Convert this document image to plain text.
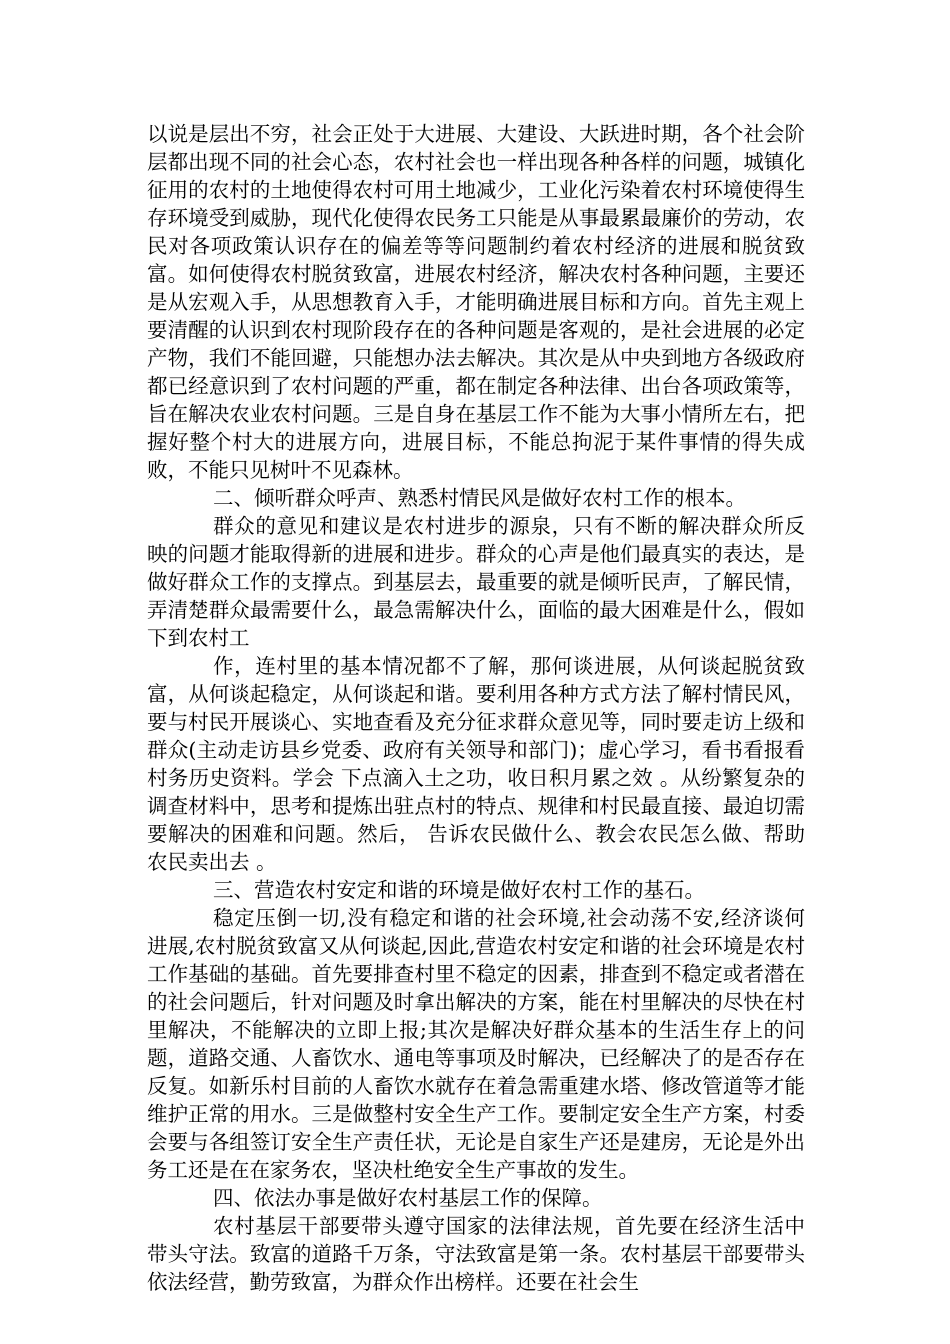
以说是层出不穷，社会正处于大进展、大建设、大跃进时期，各个社会阶层都出现不同的社会心态，农村社会也一样出现各种各样的问题，城镇化征用的农村的土地使得农村可用土地减少，工业化污染着农村环境使得生存环境受到威胁，现代化使得农民务工只能是从事最累最廉价的劳动，农民对各项政策认识存在的偏差等等问题制约着农村经济的进展和脱贫致富。如何使得农村脱贫致富，进展农村经济，解决农村各种问题，主要还是从宏观入手，从思想教育入手，才能明确进展目标和方向。首先主观上要清醒的认识到农村现阶段存在的各种问题是客观的，是社会进展的必定产物，我们不能回避，只能想办法去解决。其次是从中央到地方各级政府都已经意识到了农村问题的严重，都在制定各种法律、出台各项政策等，旨在解决农业农村问题。三是自身在基层工作不能为大事小情所左右，把握好整个村大的进展方向，进展目标，不能总拘泥于某件事情的得失成败，不能只见树叶不见森林。

二、倾听群众呼声、熟悉村情民风是做好农村工作的根本。

群众的意见和建议是农村进步的源泉，只有不断的解决群众所反映的问题才能取得新的进展和进步。群众的心声是他们最真实的表达，是做好群众工作的支撑点。到基层去，最重要的就是倾听民声，了解民情，弄清楚群众最需要什么，最急需解决什么，面临的最大困难是什么，假如下到农村工

作，连村里的基本情况都不了解，那何谈进展，从何谈起脱贫致富，从何谈起稳定，从何谈起和谐。要利用各种方式方法了解村情民风，要与村民开展谈心、实地查看及充分征求群众意见等，同时要走访上级和群众(主动走访县乡党委、政府有关领导和部门)；虚心学习，看书看报看村务历史资料。学会 下点滴入土之功，收日积月累之效 。从纷繁复杂的调查材料中，思考和提炼出驻点村的特点、规律和村民最直接、最迫切需要解决的困难和问题。然后， 告诉农民做什么、教会农民怎么做、帮助农民卖出去 。

三、营造农村安定和谐的环境是做好农村工作的基石。

稳定压倒一切,没有稳定和谐的社会环境,社会动荡不安,经济谈何进展,农村脱贫致富又从何谈起,因此,营造农村安定和谐的社会环境是农村工作基础的基础。首先要排查村里不稳定的因素，排查到不稳定或者潜在的社会问题后，针对问题及时拿出解决的方案，能在村里解决的尽快在村里解决，不能解决的立即上报;其次是解决好群众基本的生活生存上的问题，道路交通、人畜饮水、通电等事项及时解决，已经解决了的是否存在反复。如新乐村目前的人畜饮水就存在着急需重建水塔、修改管道等才能维护正常的用水。三是做整村安全生产工作。要制定安全生产方案，村委会要与各组签订安全生产责任状，无论是自家生产还是建房，无论是外出务工还是在在家务农，坚决杜绝安全生产事故的发生。

四、依法办事是做好农村基层工作的保障。

农村基层干部要带头遵守国家的法律法规，首先要在经济生活中带头守法。致富的道路千万条，守法致富是第一条。农村基层干部要带头依法经营，勤劳致富，为群众作出榜样。还要在社会生
